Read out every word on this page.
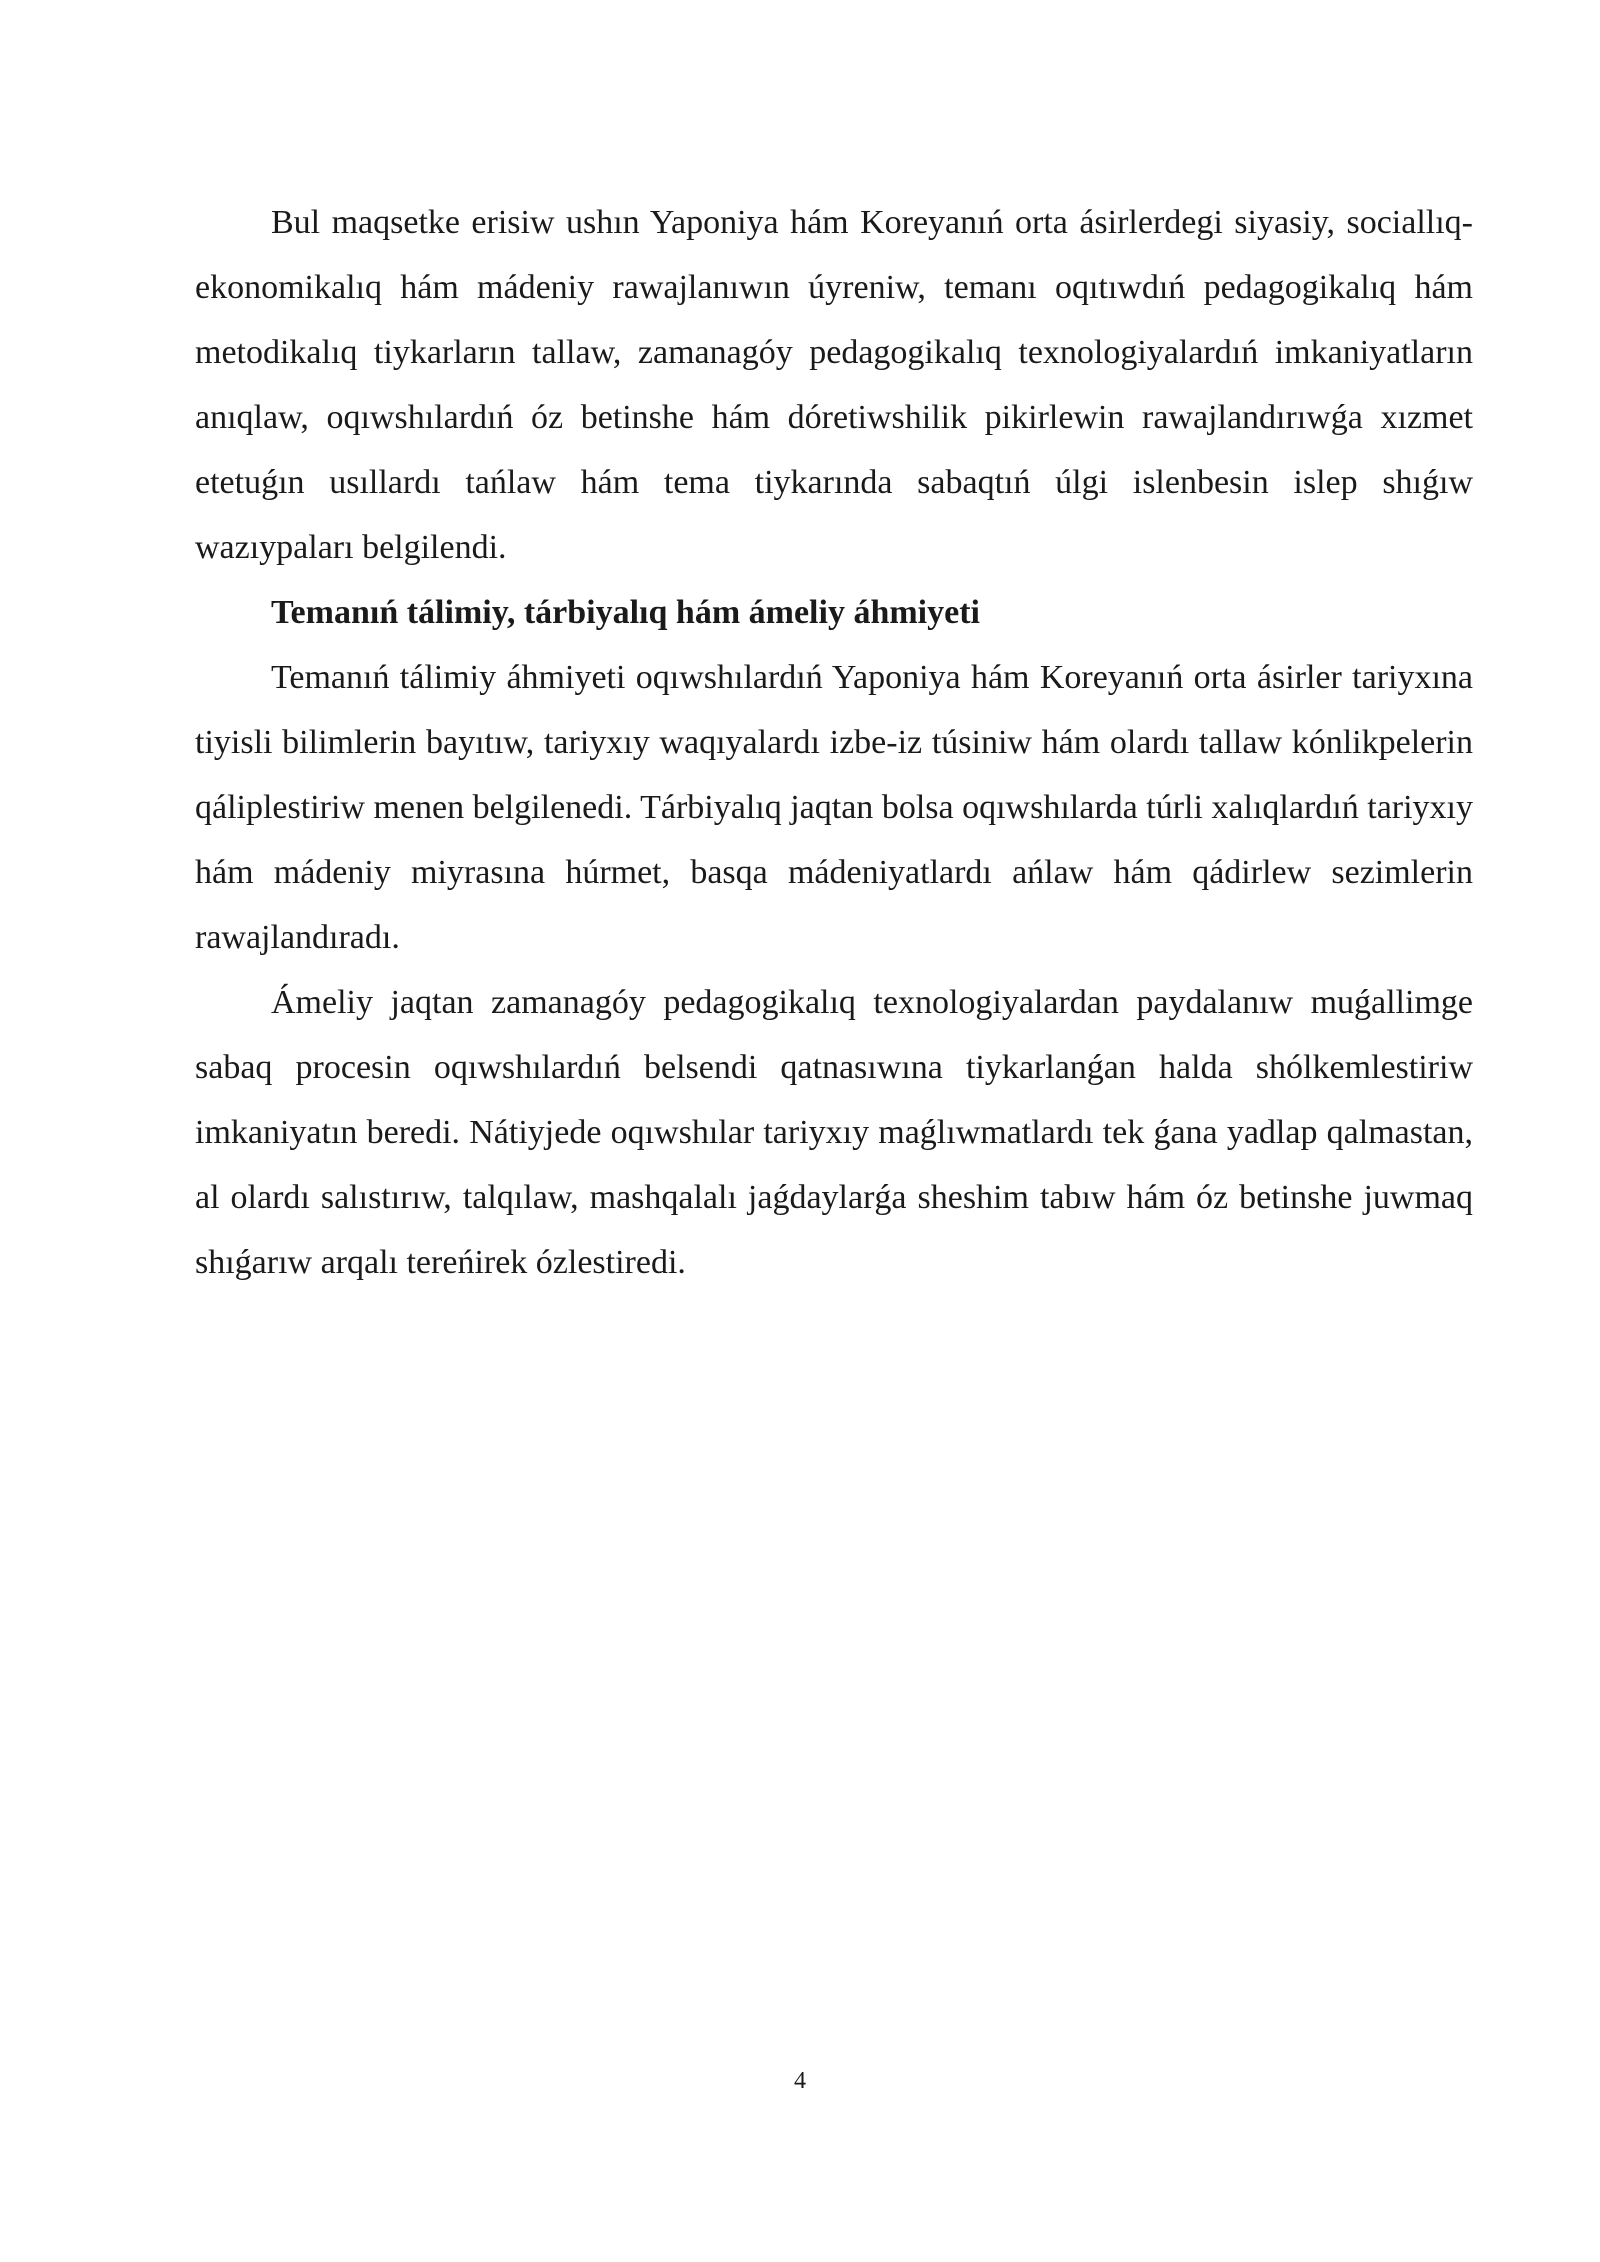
Bul maqsetke erisiw ushın Yaponiya hám Koreyanıń orta ásirlerdegi siyasiy, sociallıq-ekonomikalıq hám mádeniy rawajlanıwın úyreniw, temanı oqıtıwdıń pedagogikalıq hám metodikalıq tiykarların tallaw, zamanagóy pedagogikalıq texnologiyalardıń imkaniyatların anıqlaw, oqıwshılardıń óz betinshe hám dóretiwshilik pikirlewin rawajlandırıwǵa xızmet etetuǵın usıllardı tańlaw hám tema tiykarında sabaqtıń úlgi islenbesin islep shıǵıw wazıypaları belgilendi.

Temanıń tálimiy, tárbiyalıq hám ámeliy áhmiyeti

Temanıń tálimiy áhmiyeti oqıwshılardıń Yaponiya hám Koreyanıń orta ásirler tariyxına tiyisli bilimlerin bayıtıw, tariyxıy waqıyalardı izbe-iz túsiniw hám olardı tallaw kónlikpelerin qáliplestiriw menen belgilenedi. Tárbiyalıq jaqtan bolsa oqıwshılarda túrli xalıqlardıń tariyxıy hám mádeniy miyrasına húrmet, basqa mádeniyatlardı ańlaw hám qádirlew sezimlerin rawajlandıradı.

Ámeliy jaqtan zamanagóy pedagogikalıq texnologiyalardan paydalanıw muǵallimge sabaq procesin oqıwshılardıń belsendi qatnasıwına tiykarlanǵan halda shólkemlestiriw imkaniyatın beredi. Nátiyjede oqıwshılar tariyxıy maǵlıwmatlardı tek ǵana yadlap qalmastan, al olardı salıstırıw, talqılaw, mashqalalı jaǵdaylarǵa sheshim tabıw hám óz betinshe juwmaq shıǵarıw arqalı tereńirek ózlestiredi.

4
